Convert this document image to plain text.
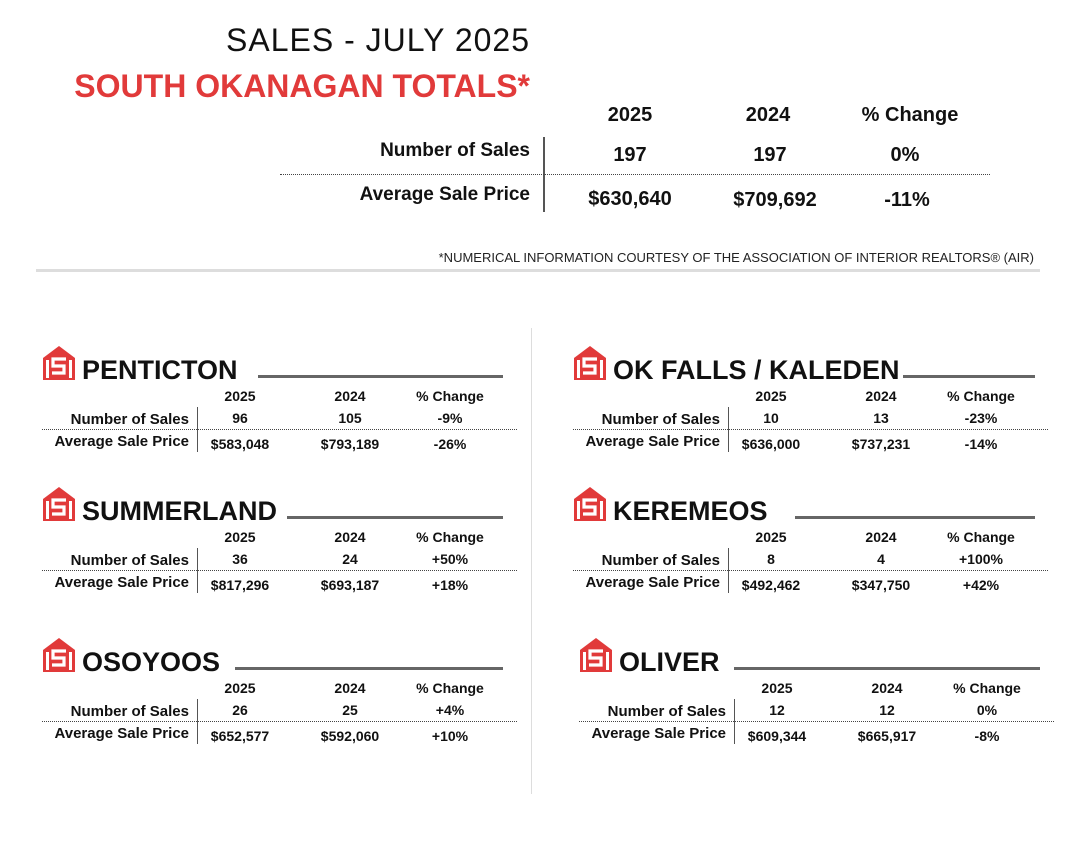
SALES - JULY 2025
SOUTH OKANAGAN TOTALS*
2025	2024	% Change
Number of Sales	197	197	0%
Average Sale Price	$630,640	$709,692	-11%
*NUMERICAL INFORMATION COURTESY OF THE ASSOCIATION OF INTERIOR REALTORS® (AIR)
PENTICTON
2025	2024	% Change
Number of Sales	96	105	-9%
Average Sale Price	$583,048	$793,189	-26%
OK FALLS / KALEDEN
2025	2024	% Change
Number of Sales	10	13	-23%
Average Sale Price	$636,000	$737,231	-14%
SUMMERLAND
2025	2024	% Change
Number of Sales	36	24	+50%
Average Sale Price	$817,296	$693,187	+18%
KEREMEOS
2025	2024	% Change
Number of Sales	8	4	+100%
Average Sale Price	$492,462	$347,750	+42%
OSOYOOS
2025	2024	% Change
Number of Sales	26	25	+4%
Average Sale Price	$652,577	$592,060	+10%
OLIVER
2025	2024	% Change
Number of Sales	12	12	0%
Average Sale Price	$609,344	$665,917	-8%
